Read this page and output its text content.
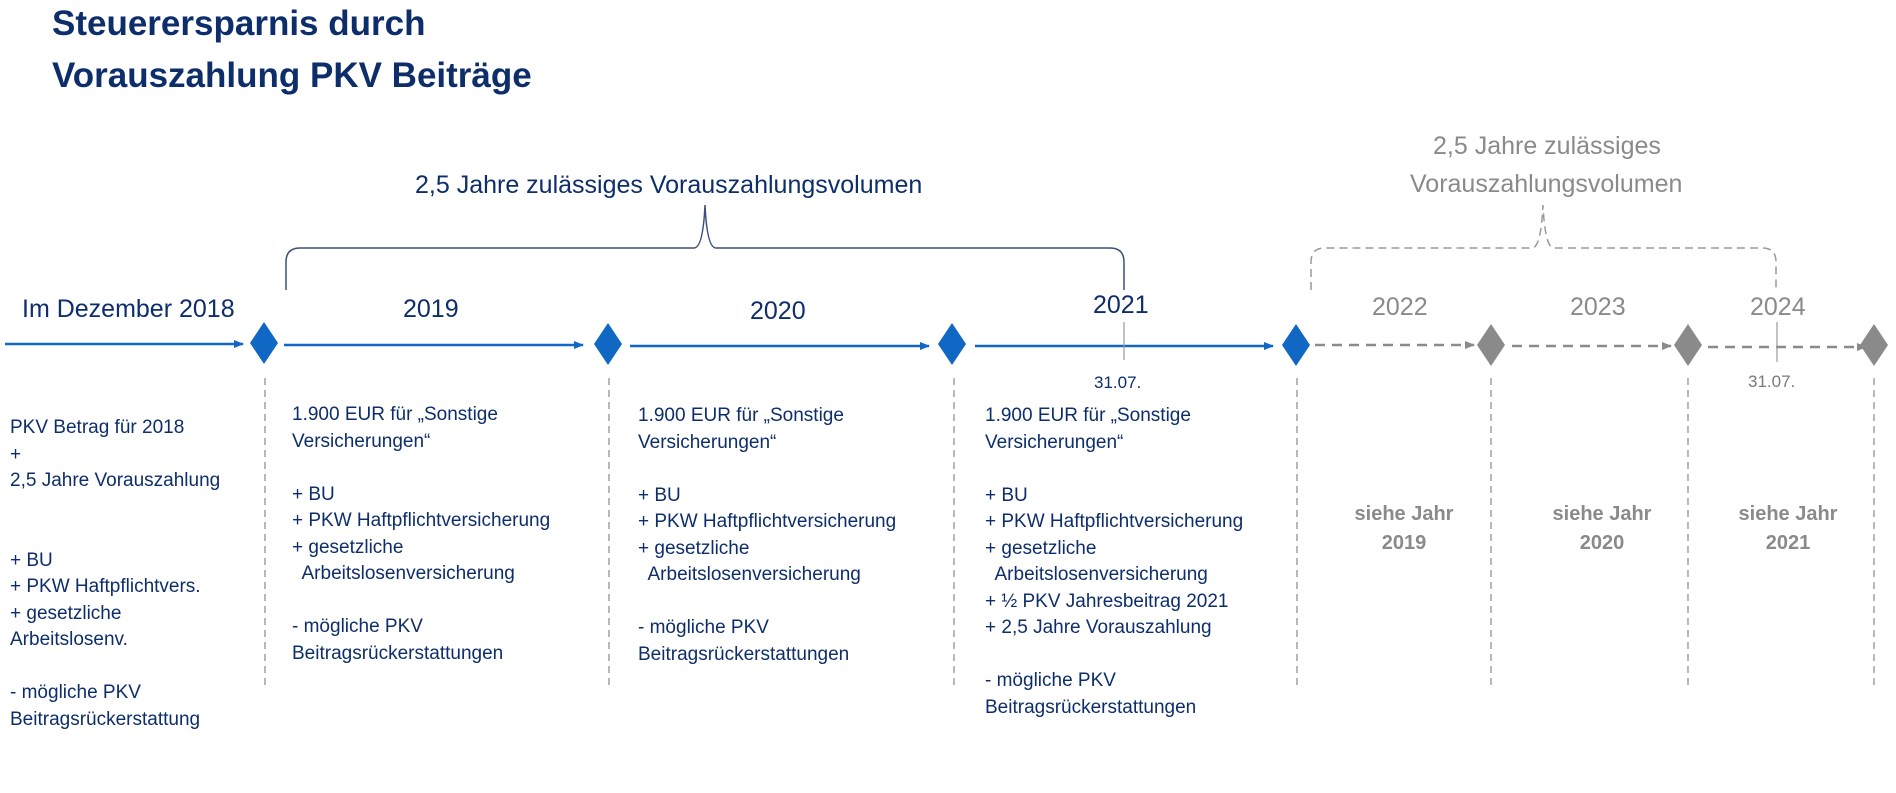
Steuerersparnis durch
Vorauszahlung PKV Beiträge
2,5 Jahre zulässiges Vorauszahlungsvolumen
2,5 Jahre zulässiges
Vorauszahlungsvolumen
Im Dezember 2018	2019	2020	2021	2022	2023	2024
31.07.	31.07.
PKV Betrag für 2018
+
2,5 Jahre Vorauszahlung
+ BU
+ PKW Haftpflichtvers.
+ gesetzliche
Arbeitslosenv.
- mögliche PKV
Beitragsrückerstattung
1.900 EUR für „Sonstige
Versicherungen“
+ BU
+ PKW Haftpflichtversicherung
+ gesetzliche
Arbeitslosenversicherung
- mögliche PKV
Beitragsrückerstattungen
1.900 EUR für „Sonstige
Versicherungen“
+ BU
+ PKW Haftpflichtversicherung
+ gesetzliche
Arbeitslosenversicherung
- mögliche PKV
Beitragsrückerstattungen
1.900 EUR für „Sonstige
Versicherungen“
+ BU
+ PKW Haftpflichtversicherung
+ gesetzliche
Arbeitslosenversicherung
+ ½ PKV Jahresbeitrag 2021
+ 2,5 Jahre Vorauszahlung
- mögliche PKV
Beitragsrückerstattungen
siehe Jahr
2019
siehe Jahr
2020
siehe Jahr
2021
